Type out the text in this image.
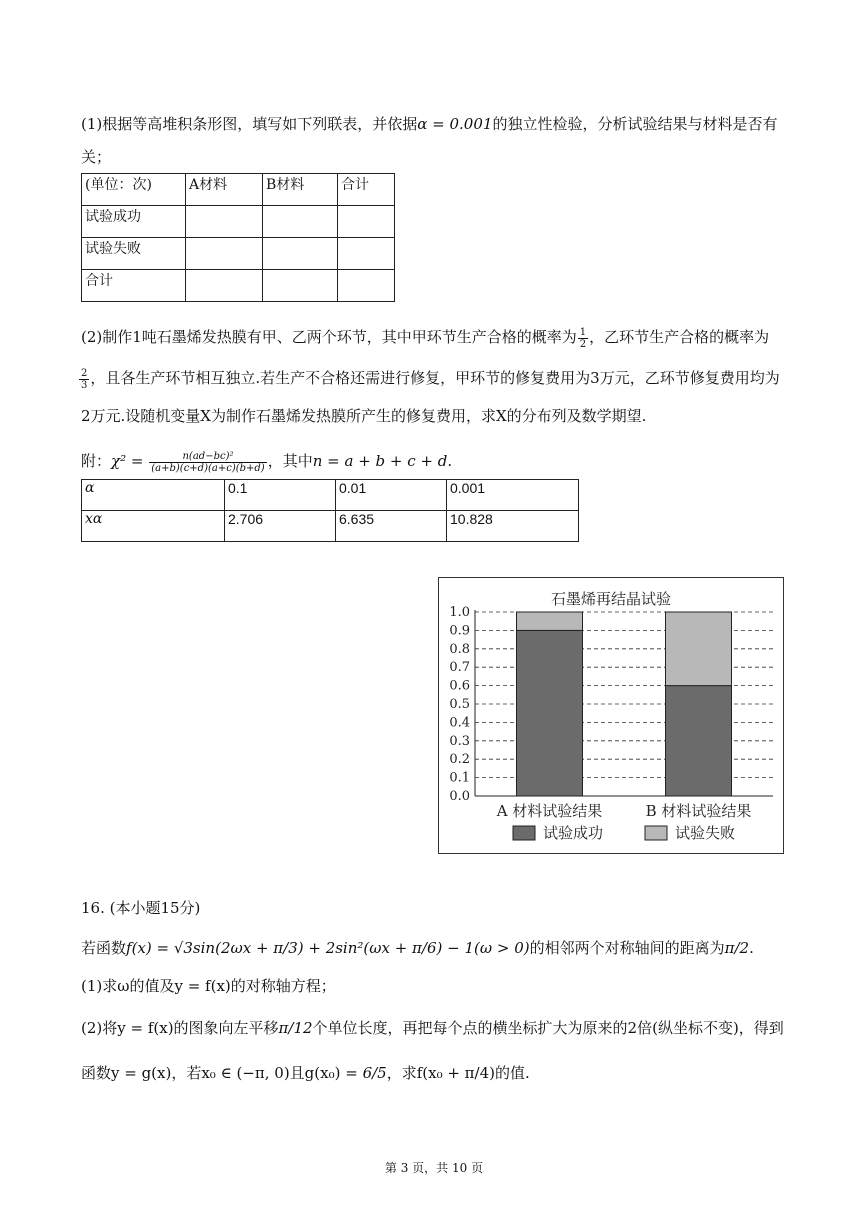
(1)根据等高堆积条形图，填写如下列联表，并依据α = 0.001的独立性检验，分析试验结果与材料是否有
关；
(单位：次)	A材料	B材料	合计
试验成功			
试验失败			
合计			
(2)制作1吨石墨烯发热膜有甲、乙两个环节，其中甲环节生产合格的概率为 $\frac{1}{2}$ ，乙环节生产合格的概率为
$\frac{2}{3}$ ，且各生产环节相互独立.若生产不合格还需进行修复，甲环节的修复费用为3万元，乙环节修复费用均为
2万元.设随机变量X为制作石墨烯发热膜所产生的修复费用，求X的分布列及数学期望.
附：$\chi^2 = \frac{\text{n(ad−bc)²}}{(a+b)(c+d)(a+c)(b+d)}$ ，其中n = a + b + c + d.
α	0.1	0.01	0.001
xα	2.706	6.635	10.828
石墨烯再结晶试验
0.0
0.1
0.2
0.3
0.4
0.5
0.6
0.7
0.8
0.9
1.0
A 材料试验结果	B 材料试验结果
试验成功	试验失败
16. (本小题15分)
若函数f(x) = √3sin(2ωx + π/3) + 2sin²(ωx + π/6) − 1(ω > 0)的相邻两个对称轴间的距离为π/2.
(1)求ω的值及y = f(x)的对称轴方程；
(2)将y = f(x)的图象向左平移π/12个单位长度，再把每个点的横坐标扩大为原来的2倍(纵坐标不变)，得到
函数y = g(x)，若x₀ ∈ (−π, 0)且g(x₀) = 6/5，求f(x₀ + π/4)的值.
第 3 页，共 10 页
